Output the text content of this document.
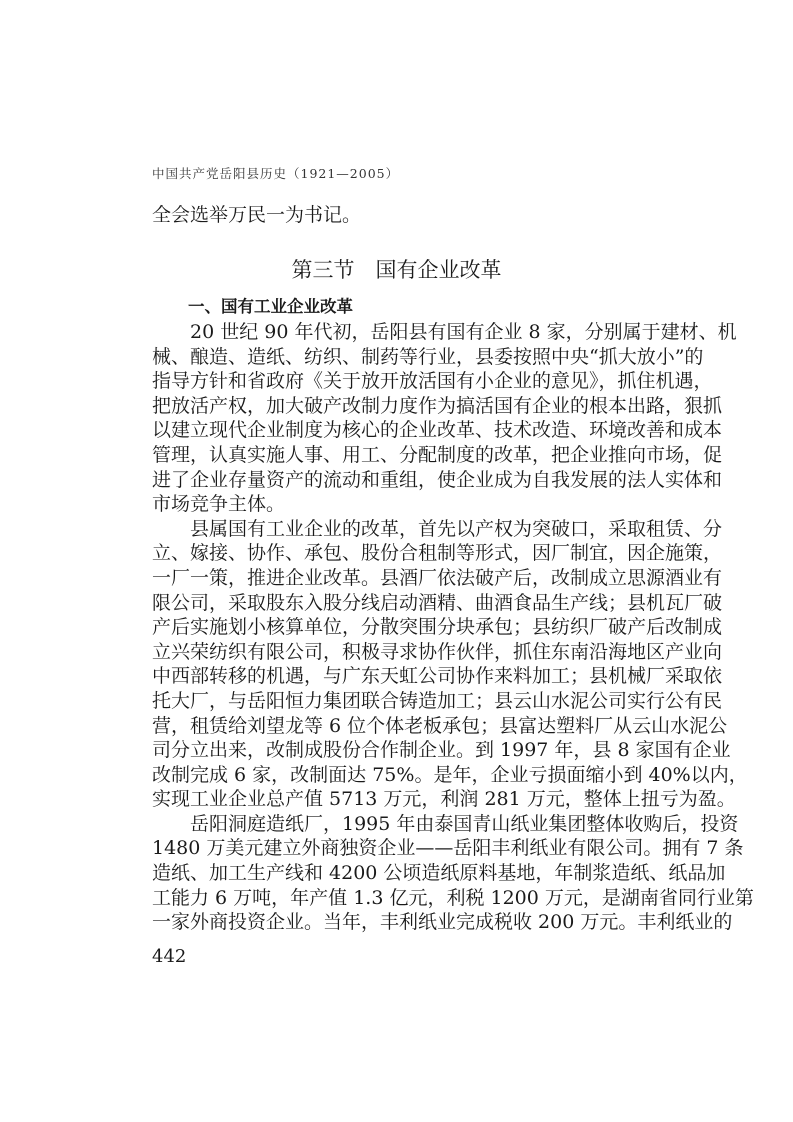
中国共产党岳阳县历史（1921—2005）
全会选举万民一为书记。
第三节　国有企业改革
一、国有工业企业改革
20 世纪 90 年代初，岳阳县有国有企业 8 家，分别属于建材、机
械、酿造、造纸、纺织、制药等行业，县委按照中央“抓大放小”的
指导方针和省政府《关于放开放活国有小企业的意见》，抓住机遇，
把放活产权，加大破产改制力度作为搞活国有企业的根本出路，狠抓
以建立现代企业制度为核心的企业改革、技术改造、环境改善和成本
管理，认真实施人事、用工、分配制度的改革，把企业推向市场，促
进了企业存量资产的流动和重组，使企业成为自我发展的法人实体和
市场竞争主体。
县属国有工业企业的改革，首先以产权为突破口，采取租赁、分
立、嫁接、协作、承包、股份合租制等形式，因厂制宜，因企施策，
一厂一策，推进企业改革。县酒厂依法破产后，改制成立思源酒业有
限公司，采取股东入股分线启动酒精、曲酒食品生产线；县机瓦厂破
产后实施划小核算单位，分散突围分块承包；县纺织厂破产后改制成
立兴荣纺织有限公司，积极寻求协作伙伴，抓住东南沿海地区产业向
中西部转移的机遇，与广东天虹公司协作来料加工；县机械厂采取依
托大厂，与岳阳恒力集团联合铸造加工；县云山水泥公司实行公有民
营，租赁给刘望龙等 6 位个体老板承包；县富达塑料厂从云山水泥公
司分立出来，改制成股份合作制企业。到 1997 年，县 8 家国有企业
改制完成 6 家，改制面达 75%。是年，企业亏损面缩小到 40%以内，
实现工业企业总产值 5713 万元，利润 281 万元，整体上扭亏为盈。
岳阳洞庭造纸厂，1995 年由泰国青山纸业集团整体收购后，投资
1480 万美元建立外商独资企业——岳阳丰利纸业有限公司。拥有 7 条
造纸、加工生产线和 4200 公顷造纸原料基地，年制浆造纸、纸品加
工能力 6 万吨，年产值 1.3 亿元，利税 1200 万元，是湖南省同行业第
一家外商投资企业。当年，丰利纸业完成税收 200 万元。丰利纸业的
442
